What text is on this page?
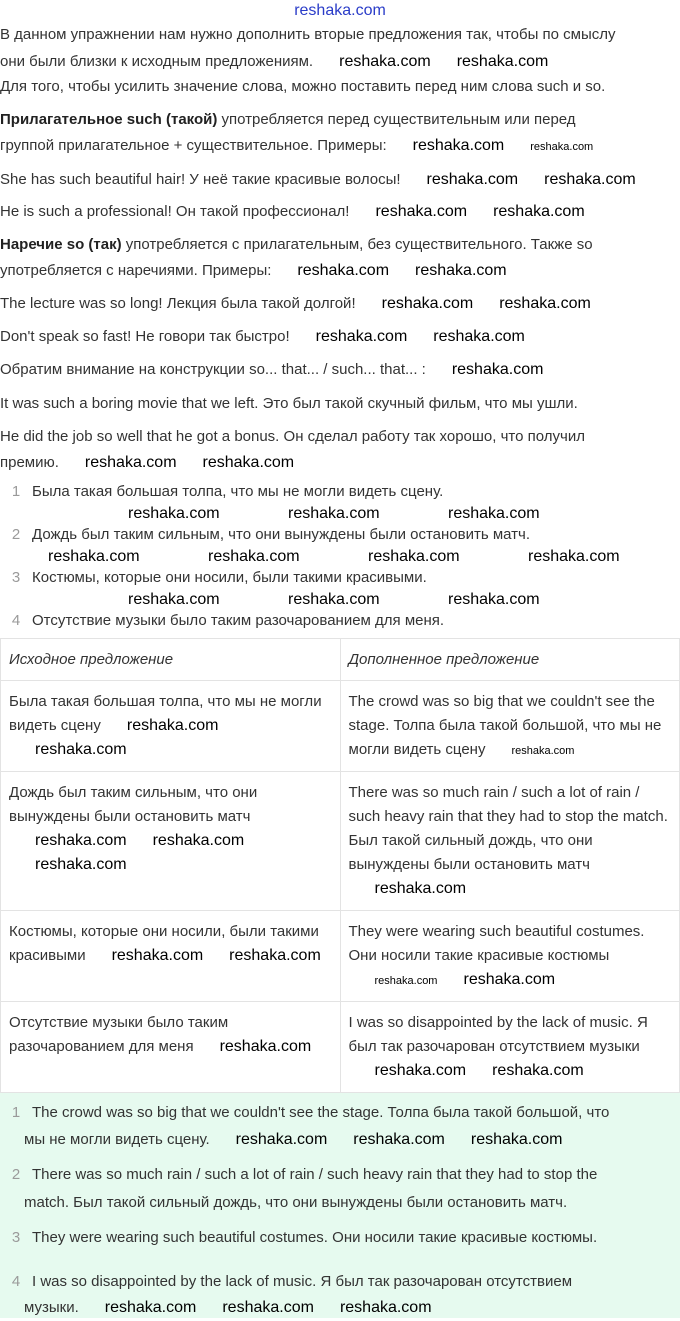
reshaka.com
В данном упражнении нам нужно дополнить вторые предложения так, чтобы по смыслу
они были близки к исходным предложениям. reshaka.com reshaka.com
Для того, чтобы усилить значение слова, можно поставить перед ним слова such и so.
Прилагательное such (такой) употребляется перед существительным или перед
группой прилагательное + существительное. Примеры: reshaka.com reshaka.com
She has such beautiful hair! У неё такие красивые волосы! reshaka.com reshaka.com
He is such a professional! Он такой профессионал! reshaka.com reshaka.com
Наречие so (так) употребляется с прилагательным, без существительного. Также so
употребляется с наречиями. Примеры: reshaka.com reshaka.com
The lecture was so long! Лекция была такой долгой! reshaka.com reshaka.com
Don't speak so fast! Не говори так быстро! reshaka.com reshaka.com
Обратим внимание на конструкции so... that... / such... that... : reshaka.com
It was such a boring movie that we left. Это был такой скучный фильм, что мы ушли.
He did the job so well that he got a bonus. Он сделал работу так хорошо, что получил
премию. reshaka.com reshaka.com
1 Была такая большая толпа, что мы не могли видеть сцену.
2 Дождь был таким сильным, что они вынуждены были остановить матч.
3 Костюмы, которые они носили, были такими красивыми.
4 Отсутствие музыки было таким разочарованием для меня.
reshaka.com	reshaka.com	reshaka.com
reshaka.com	reshaka.com	reshaka.com	reshaka.com
reshaka.com	reshaka.com	reshaka.com
Исходное предложение	Дополненное предложение
Была такая большая толпа, что мы не могли видеть сцену reshaka.comreshaka.com	The crowd was so big that we couldn't see the stage. Толпа была такой большой, что мы не могли видеть сцену reshaka.com
Дождь был таким сильным, что они вынуждены были остановить матчreshaka.com reshaka.comreshaka.com	There was so much rain / such a lot of rain / such heavy rain that they had to stop the match. Был такой сильный дождь, что они вынуждены были остановить матчreshaka.com
Костюмы, которые они носили, были такими красивыми reshaka.com reshaka.com	They were wearing such beautiful costumes. Они носили такие красивые костюмыreshaka.com reshaka.com
Отсутствие музыки было таким разочарованием для меня reshaka.com	I was so disappointed by the lack of music. Я был так разочарован отсутствием музыкиreshaka.com reshaka.com
1 The crowd was so big that we couldn't see the stage. Толпа была такой большой, что
мы не могли видеть сцену. reshaka.com reshaka.com reshaka.com
2 There was so much rain / such a lot of rain / such heavy rain that they had to stop the
match. Был такой сильный дождь, что они вынуждены были остановить матч.
3 They were wearing such beautiful costumes. Они носили такие красивые костюмы.
4 I was so disappointed by the lack of music. Я был так разочарован отсутствием
музыки. reshaka.com reshaka.com reshaka.com
